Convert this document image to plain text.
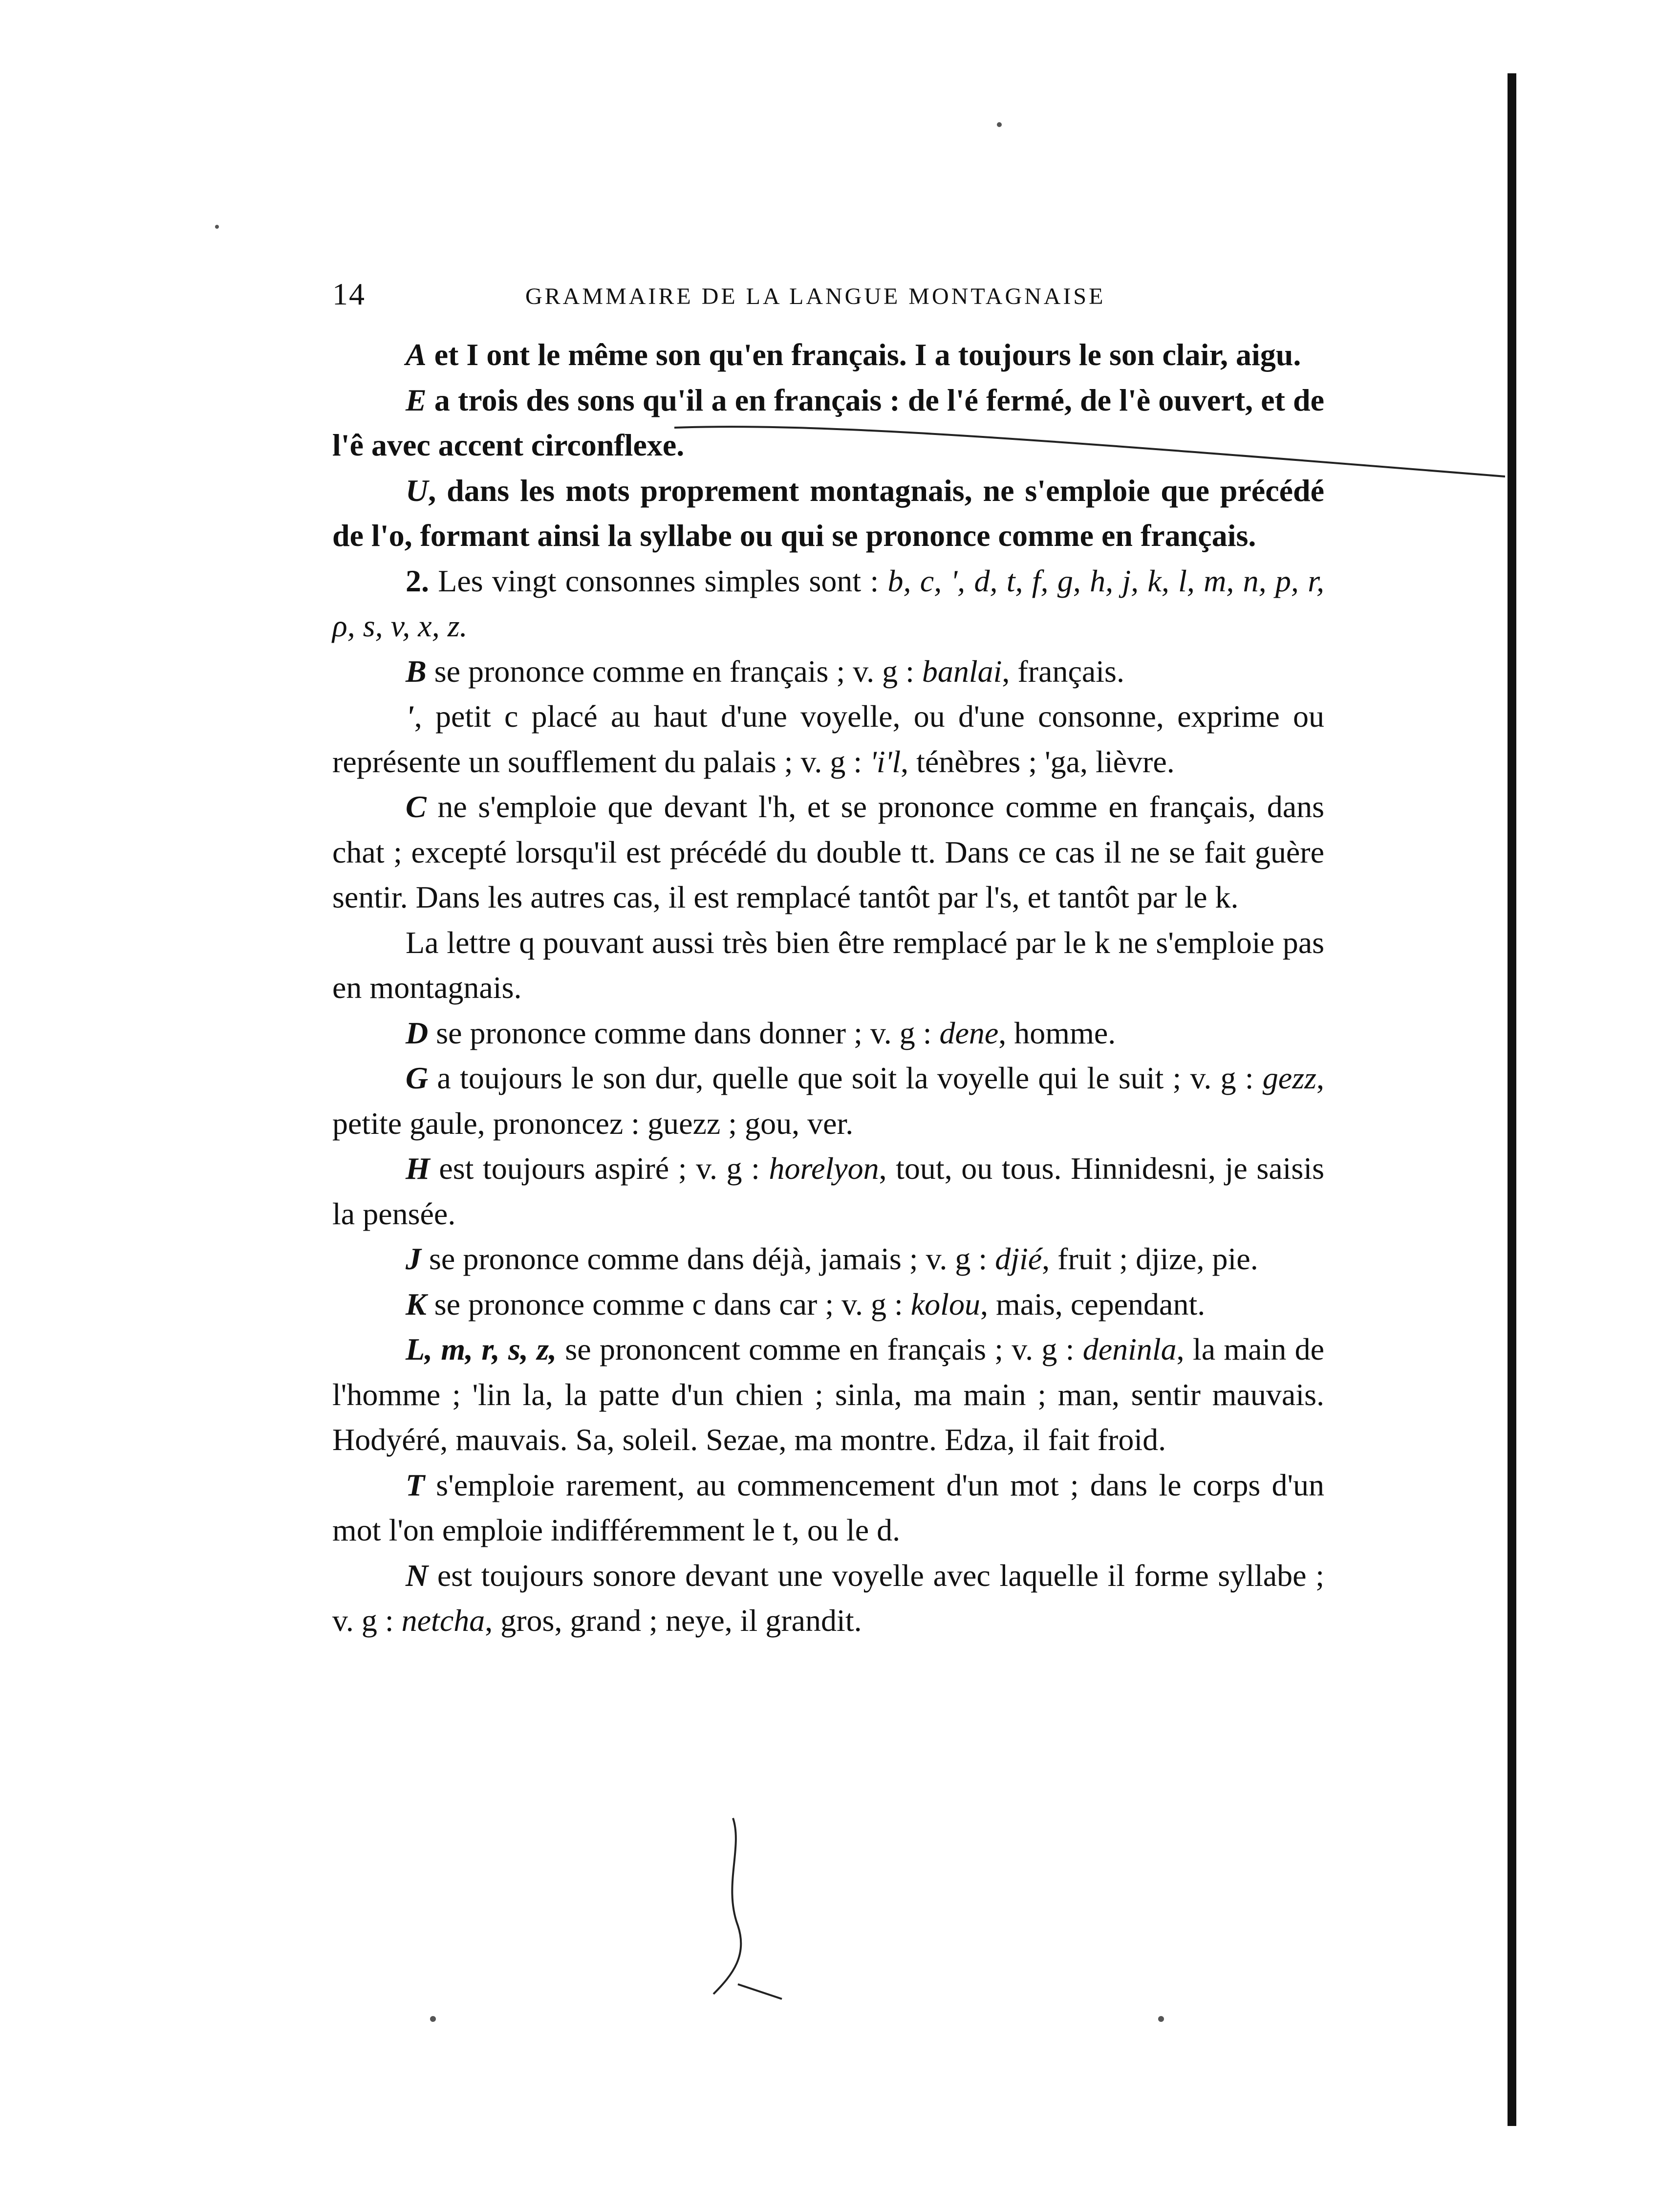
14	GRAMMAIRE DE LA LANGUE MONTAGNAISE

A et I ont le même son qu'en français. I a toujours le son clair, aigu.

E a trois des sons qu'il a en français : de l'é fermé, de l'è ouvert, et de l'ê avec accent circonflexe.

U, dans les mots proprement montagnais, ne s'emploie que précédé de l'o, formant ainsi la syllabe ou qui se prononce comme en français.

2. Les vingt consonnes simples sont : b, c, ', d, t, f, g, h, j, k, l, m, n, p, r, ρ, s, v, x, z.

B se prononce comme en français ; v. g : banlai, français.

', petit c placé au haut d'une voyelle, ou d'une consonne, exprime ou représente un soufflement du palais ; v. g : 'i'l, ténèbres ; 'ga, lièvre.

C ne s'emploie que devant l'h, et se prononce comme en français, dans chat ; excepté lorsqu'il est précédé du double tt. Dans ce cas il ne se fait guère sentir. Dans les autres cas, il est remplacé tantôt par l's, et tantôt par le k.

La lettre q pouvant aussi très bien être remplacé par le k ne s'emploie pas en montagnais.

D se prononce comme dans donner ; v. g : dene, homme.

G a toujours le son dur, quelle que soit la voyelle qui le suit ; v. g : gezz, petite gaule, prononcez : guezz ; gou, ver.

H est toujours aspiré ; v. g : horelyon, tout, ou tous. Hinnidesni, je saisis la pensée.

J se prononce comme dans déjà, jamais ; v. g : djié, fruit ; djize, pie.

K se prononce comme c dans car ; v. g : kolou, mais, cependant.

L, m, r, s, z, se prononcent comme en français ; v. g : deninla, la main de l'homme ; 'lin la, la patte d'un chien ; sinla, ma main ; man, sentir mauvais. Hodyéré, mauvais. Sa, soleil. Sezae, ma montre. Edza, il fait froid.

T s'emploie rarement, au commencement d'un mot ; dans le corps d'un mot l'on emploie indifféremment le t, ou le d.

N est toujours sonore devant une voyelle avec laquelle il forme syllabe ; v. g : netcha, gros, grand ; neye, il grandit.
